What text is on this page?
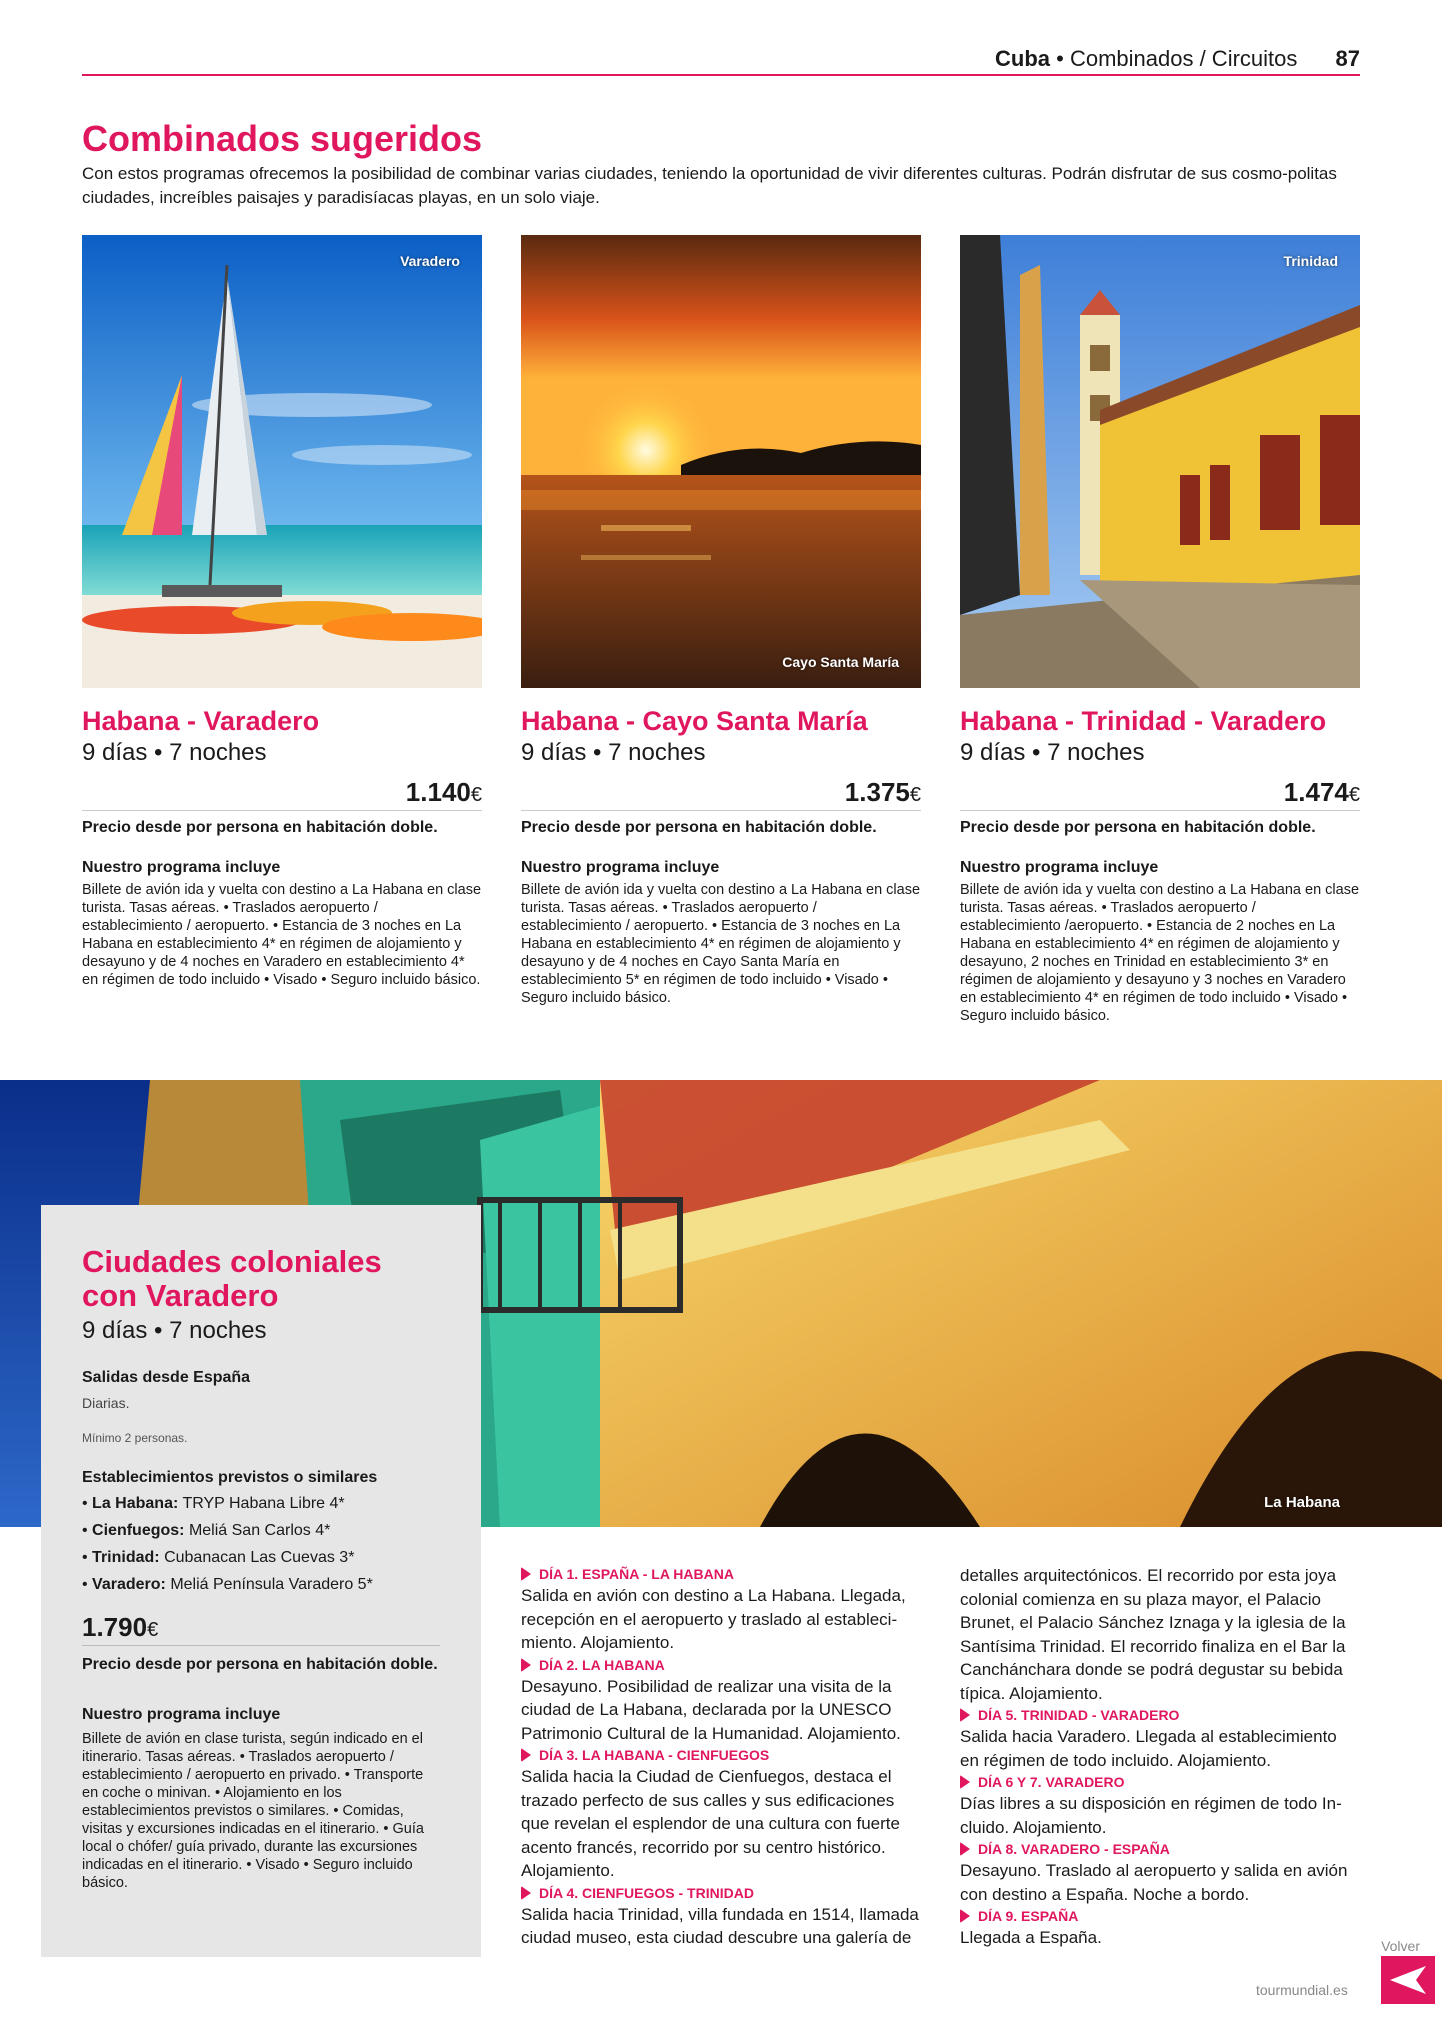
Cuba • Combinados / Circuitos 87
Combinados sugeridos

Con estos programas ofrecemos la posibilidad de combinar varias ciudades, teniendo la oportunidad de vivir diferentes culturas. Podrán disfrutar de sus cosmo-politas ciudades, increíbles paisajes y paradisíacas playas, en un solo viaje.

Varadero
Habana - Varadero
9 días • 7 noches
1.140€
Precio desde por persona en habitación doble.
Nuestro programa incluye
Billete de avión ida y vuelta con destino a La Habana en clase turista. Tasas aéreas. • Traslados aeropuerto / establecimiento / aeropuerto. • Estancia de 3 noches en La Habana en establecimiento 4* en régimen de alojamiento y desayuno y de 4 noches en Varadero en establecimiento 4* en régimen de todo incluido • Visado • Seguro incluido básico.
Cayo Santa María
Habana - Cayo Santa María
9 días • 7 noches
1.375€
Precio desde por persona en habitación doble.
Nuestro programa incluye
Billete de avión ida y vuelta con destino a La Habana en clase turista. Tasas aéreas. • Traslados aeropuerto / establecimiento / aeropuerto. • Estancia de 3 noches en La Habana en establecimiento 4* en régimen de alojamiento y desayuno y de 4 noches en Cayo Santa María en establecimiento 5* en régimen de todo incluido • Visado • Seguro incluido básico.
Trinidad
Habana - Trinidad - Varadero
9 días • 7 noches
1.474€
Precio desde por persona en habitación doble.
Nuestro programa incluye
Billete de avión ida y vuelta con destino a La Habana en clase turista. Tasas aéreas. • Traslados aeropuerto / establecimiento /aeropuerto. • Estancia de 2 noches en La Habana en establecimiento 4* en régimen de alojamiento y desayuno, 2 noches en Trinidad en establecimiento 3* en régimen de alojamiento y desayuno y 3 noches en Varadero en establecimiento 4* en régimen de todo incluido • Visado • Seguro incluido básico.
La Habana
Ciudades coloniales
con Varadero
9 días • 7 noches
Salidas desde España
Diarias.
Mínimo 2 personas.
Establecimientos previstos o similares
• La Habana: TRYP Habana Libre 4*
• Cienfuegos: Meliá San Carlos 4*
• Trinidad: Cubanacan Las Cuevas 3*
• Varadero: Meliá Península Varadero 5*
1.790€
Precio desde por persona en habitación doble.
Nuestro programa incluye
Billete de avión en clase turista, según indicado en el itinerario. Tasas aéreas. • Traslados aeropuerto / establecimiento / aeropuerto en privado. • Transporte en coche o minivan. • Alojamiento en los establecimientos previstos o similares. • Comidas, visitas y excursiones indicadas en el itinerario. • Guía local o chófer/ guía privado, durante las excursiones indicadas en el itinerario. • Visado • Seguro incluido básico.
DÍA 1. ESPAÑA - LA HABANA
Salida en avión con destino a La Habana. Llegada, recepción en el aeropuerto y traslado al estableci-miento. Alojamiento.
DÍA 2. LA HABANA
Desayuno. Posibilidad de realizar una visita de la ciudad de La Habana, declarada por la UNESCO Patrimonio Cultural de la Humanidad. Alojamiento.
DÍA 3. LA HABANA - CIENFUEGOS
Salida hacia la Ciudad de Cienfuegos, destaca el trazado perfecto de sus calles y sus edificaciones que revelan el esplendor de una cultura con fuerte acento francés, recorrido por su centro histórico. Alojamiento.
DÍA 4. CIENFUEGOS - TRINIDAD
Salida hacia Trinidad, villa fundada en 1514, llamada ciudad museo, esta ciudad descubre una galería de
detalles arquitectónicos. El recorrido por esta joya colonial comienza en su plaza mayor, el Palacio Brunet, el Palacio Sánchez Iznaga y la iglesia de la Santísima Trinidad. El recorrido finaliza en el Bar la Canchánchara donde se podrá degustar su bebida típica. Alojamiento.
DÍA 5. TRINIDAD - VARADERO
Salida hacia Varadero. Llegada al establecimiento en régimen de todo incluido. Alojamiento.
DÍA 6 Y 7. VARADERO
Días libres a su disposición en régimen de todo In-cluido. Alojamiento.
DÍA 8. VARADERO - ESPAÑA
Desayuno. Traslado al aeropuerto y salida en avión con destino a España. Noche a bordo.
DÍA 9. ESPAÑA
Llegada a España.	Volver
tourmundial.es
